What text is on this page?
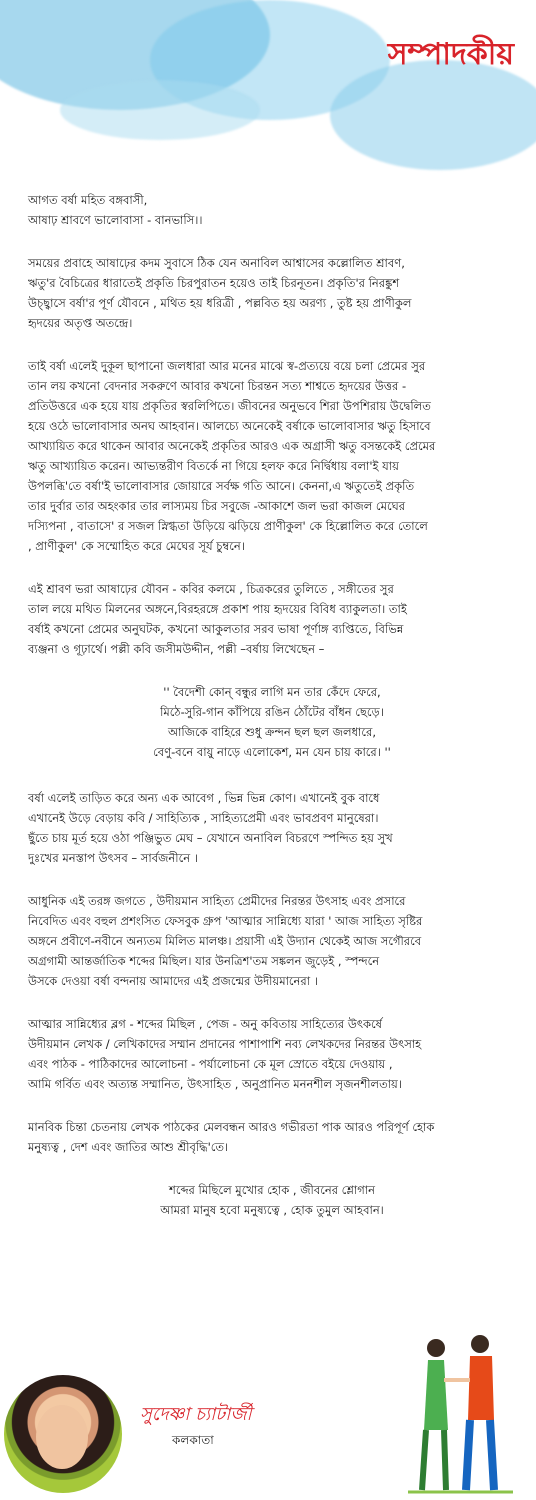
সম্পাদকীয়

আগত বর্ষা মহিত বঙ্গবাসী,
আষাঢ় শ্রাবণে ভালোবাসা - বানভাসি।।

সময়ের প্রবাহে আষাঢ়ের কদম সুবাসে ঠিক যেন অনাবিল আশ্বাসের কল্লোলিত শ্রাবণ,
ঋতু'র বৈচিত্রের ধারাতেই প্রকৃতি চিরপুরাতন হয়েও তাই চিরনূতন। প্রকৃতি'র নিরঙ্কুশ
উচ্ছ্বাসে বর্ষা'র পূর্ণ যৌবনে , মথিত হয় ধরিত্রী , পল্লবিত হয় অরণ্য , তুষ্ট হয় প্রাণীকুল
হৃদয়ের অতৃপ্ত অতন্দ্রে।

তাই বর্ষা এলেই দুকূল ছাপানো জলধারা আর মনের মাঝে স্ব-প্রত্যয়ে বয়ে চলা প্রেমের সুর
তান লয় কখনো বেদনার সকরুণে আবার কখনো চিরন্তন সত্য শাশ্বতে হৃদয়ের উত্তর -
প্রতিউত্তরে এক হয়ে যায় প্রকৃতির স্বরলিপিতে। জীবনের অনুভবে শিরা উপশিরায় উদ্বেলিত
হয়ে ওঠে ভালোবাসার অনঘ আহবান। আলচ্যে অনেকেই বর্ষাকে ভালোবাসার ঋতু হিসাবে
আখ্যায়িত করে থাকেন আবার অনেকেই প্রকৃতির আরও এক অগ্রাসী ঋতু বসন্তকেই প্রেমের
ঋতু আখ্যায়িত করেন। আভ্যন্তরীণ বিতর্কে না গিয়ে হলফ করে নির্দ্বিধায় বলা'ই যায়
উপলব্ধি'তে বর্ষা'ই ভালোবাসার জোয়ারে সর্বক্ষ গতি আনে। কেননা,এ ঋতুতেই প্রকৃতি
তার দুর্বার তার অহংকার তার লাস্যময় চির সবুজে -আকাশে জল ভরা কাজল মেঘের
দস্যিপনা , বাতাসে' র সজল স্নিগ্ধতা উড়িয়ে ঝড়িয়ে প্রাণীকুল' কে হিল্লোলিত করে তোলে
, প্রাণীকুল' কে সম্মোহিত করে মেঘের সূর্য চুম্বনে।

এই শ্রাবণ ভরা আষাঢ়ের যৌবন - কবির কলমে , চিত্রকরের তুলিতে , সঙ্গীতের সুর
তাল লয়ে মথিত মিলনের অঙ্গনে,বিরহরঙ্গে প্রকাশ পায় হৃদয়ের বিবিধ ব্যাকুলতা। তাই
বর্ষাই কখনো প্রেমের অনুঘটক, কখনো আকুলতার সরব ভাষা পূর্ণাঙ্গ ব্যপ্তিতে, বিভিন্ন
ব্যঞ্জনা ও গূঢ়ার্থে। পল্লী কবি জসীমউদ্দীন, পল্লী –বর্ষায় লিখেছেন –

'' বৈদেশী কোন্ বন্ধুর লাগি মন তার কেঁদে ফেরে,
মিঠে-সুরি-গান কাঁপিয়ে রঙিন ঠোঁটের বাঁধন ছেড়ে।
আজিকে বাহিরে শুধু ক্রন্দন ছল ছল জলধারে,
বেণু-বনে বায়ু নাড়ে এলোকেশ, মন যেন চায় কারে। ''

বর্ষা এলেই তাড়িত করে অন্য এক আবেগ , ভিন্ন ভিন্ন কোণ। এখানেই বুক বাধে
এখানেই উড়ে বেড়ায় কবি / সাহিত্যিক , সাহিত্যপ্রেমী এবং ভাবপ্রবণ মানুষেরা।
ছুঁতে চায় মূর্ত হয়ে ওঠা পঞ্জিভুত মেঘ – যেখানে অনাবিল বিচরণে স্পন্দিত হয় সুখ
দুঃখের মনস্তাপ উৎসব – সার্বজনীনে ।

আধুনিক এই তরঙ্গ জগতে , উদীয়মান সাহিত্য প্রেমীদের নিরন্তর উৎসাহ এবং প্রসারে
নিবেদিত এবং বহুল প্রশংসিত ফেসবুক গ্রুপ 'আত্মার সান্নিধ্যে যারা ' আজ সাহিত্য সৃষ্টির
অঙ্গনে প্রবীণে-নবীনে অন্যতম মিলিত মালঞ্চ। প্রয়াসী এই উদ্যান থেকেই আজ সগৌরবে
অগ্রগামী আন্তর্জাতিক শব্দের মিছিল। যার উনত্রিশ'তম সঙ্কলন জুড়েই , স্পন্দনে
উসকে দেওয়া বর্ষা বন্দনায় আমাদের এই প্রজন্মের উদীয়মানেরা ।

আত্মার সান্নিধ্যের ব্লগ - শব্দের মিছিল , পেজ - অনু কবিতায় সাহিত্যের উৎকর্ষে
উদীয়মান লেখক / লেখিকাদের সম্মান প্রদানের পাশাপাশি নব্য লেখকদের নিরন্তর উৎসাহ
এবং পাঠক - পাঠিকাদের আলোচনা - পর্যালোচনা কে মূল স্রোতে বইয়ে দেওয়ায় ,
আমি গর্বিত এবং অত্যন্ত সম্মানিত, উৎসাহিত , অনুপ্রানিত মননশীল সৃজনশীলতায়।

মানবিক চিন্তা চেতনায় লেখক পাঠকের মেলবন্ধন আরও গভীরতা পাক আরও পরিপূর্ণ হোক
মনুষ্যত্ব , দেশ এবং জাতির আশু শ্রীবৃদ্ধি'তে।

শব্দের মিছিলে মুখোর হোক , জীবনের শ্লোগান
আমরা মানুষ হবো মনুষ্যত্বে , হোক তুমুল আহবান।
সুদেষ্ণা চ্যাটার্জী
কলকাতা
